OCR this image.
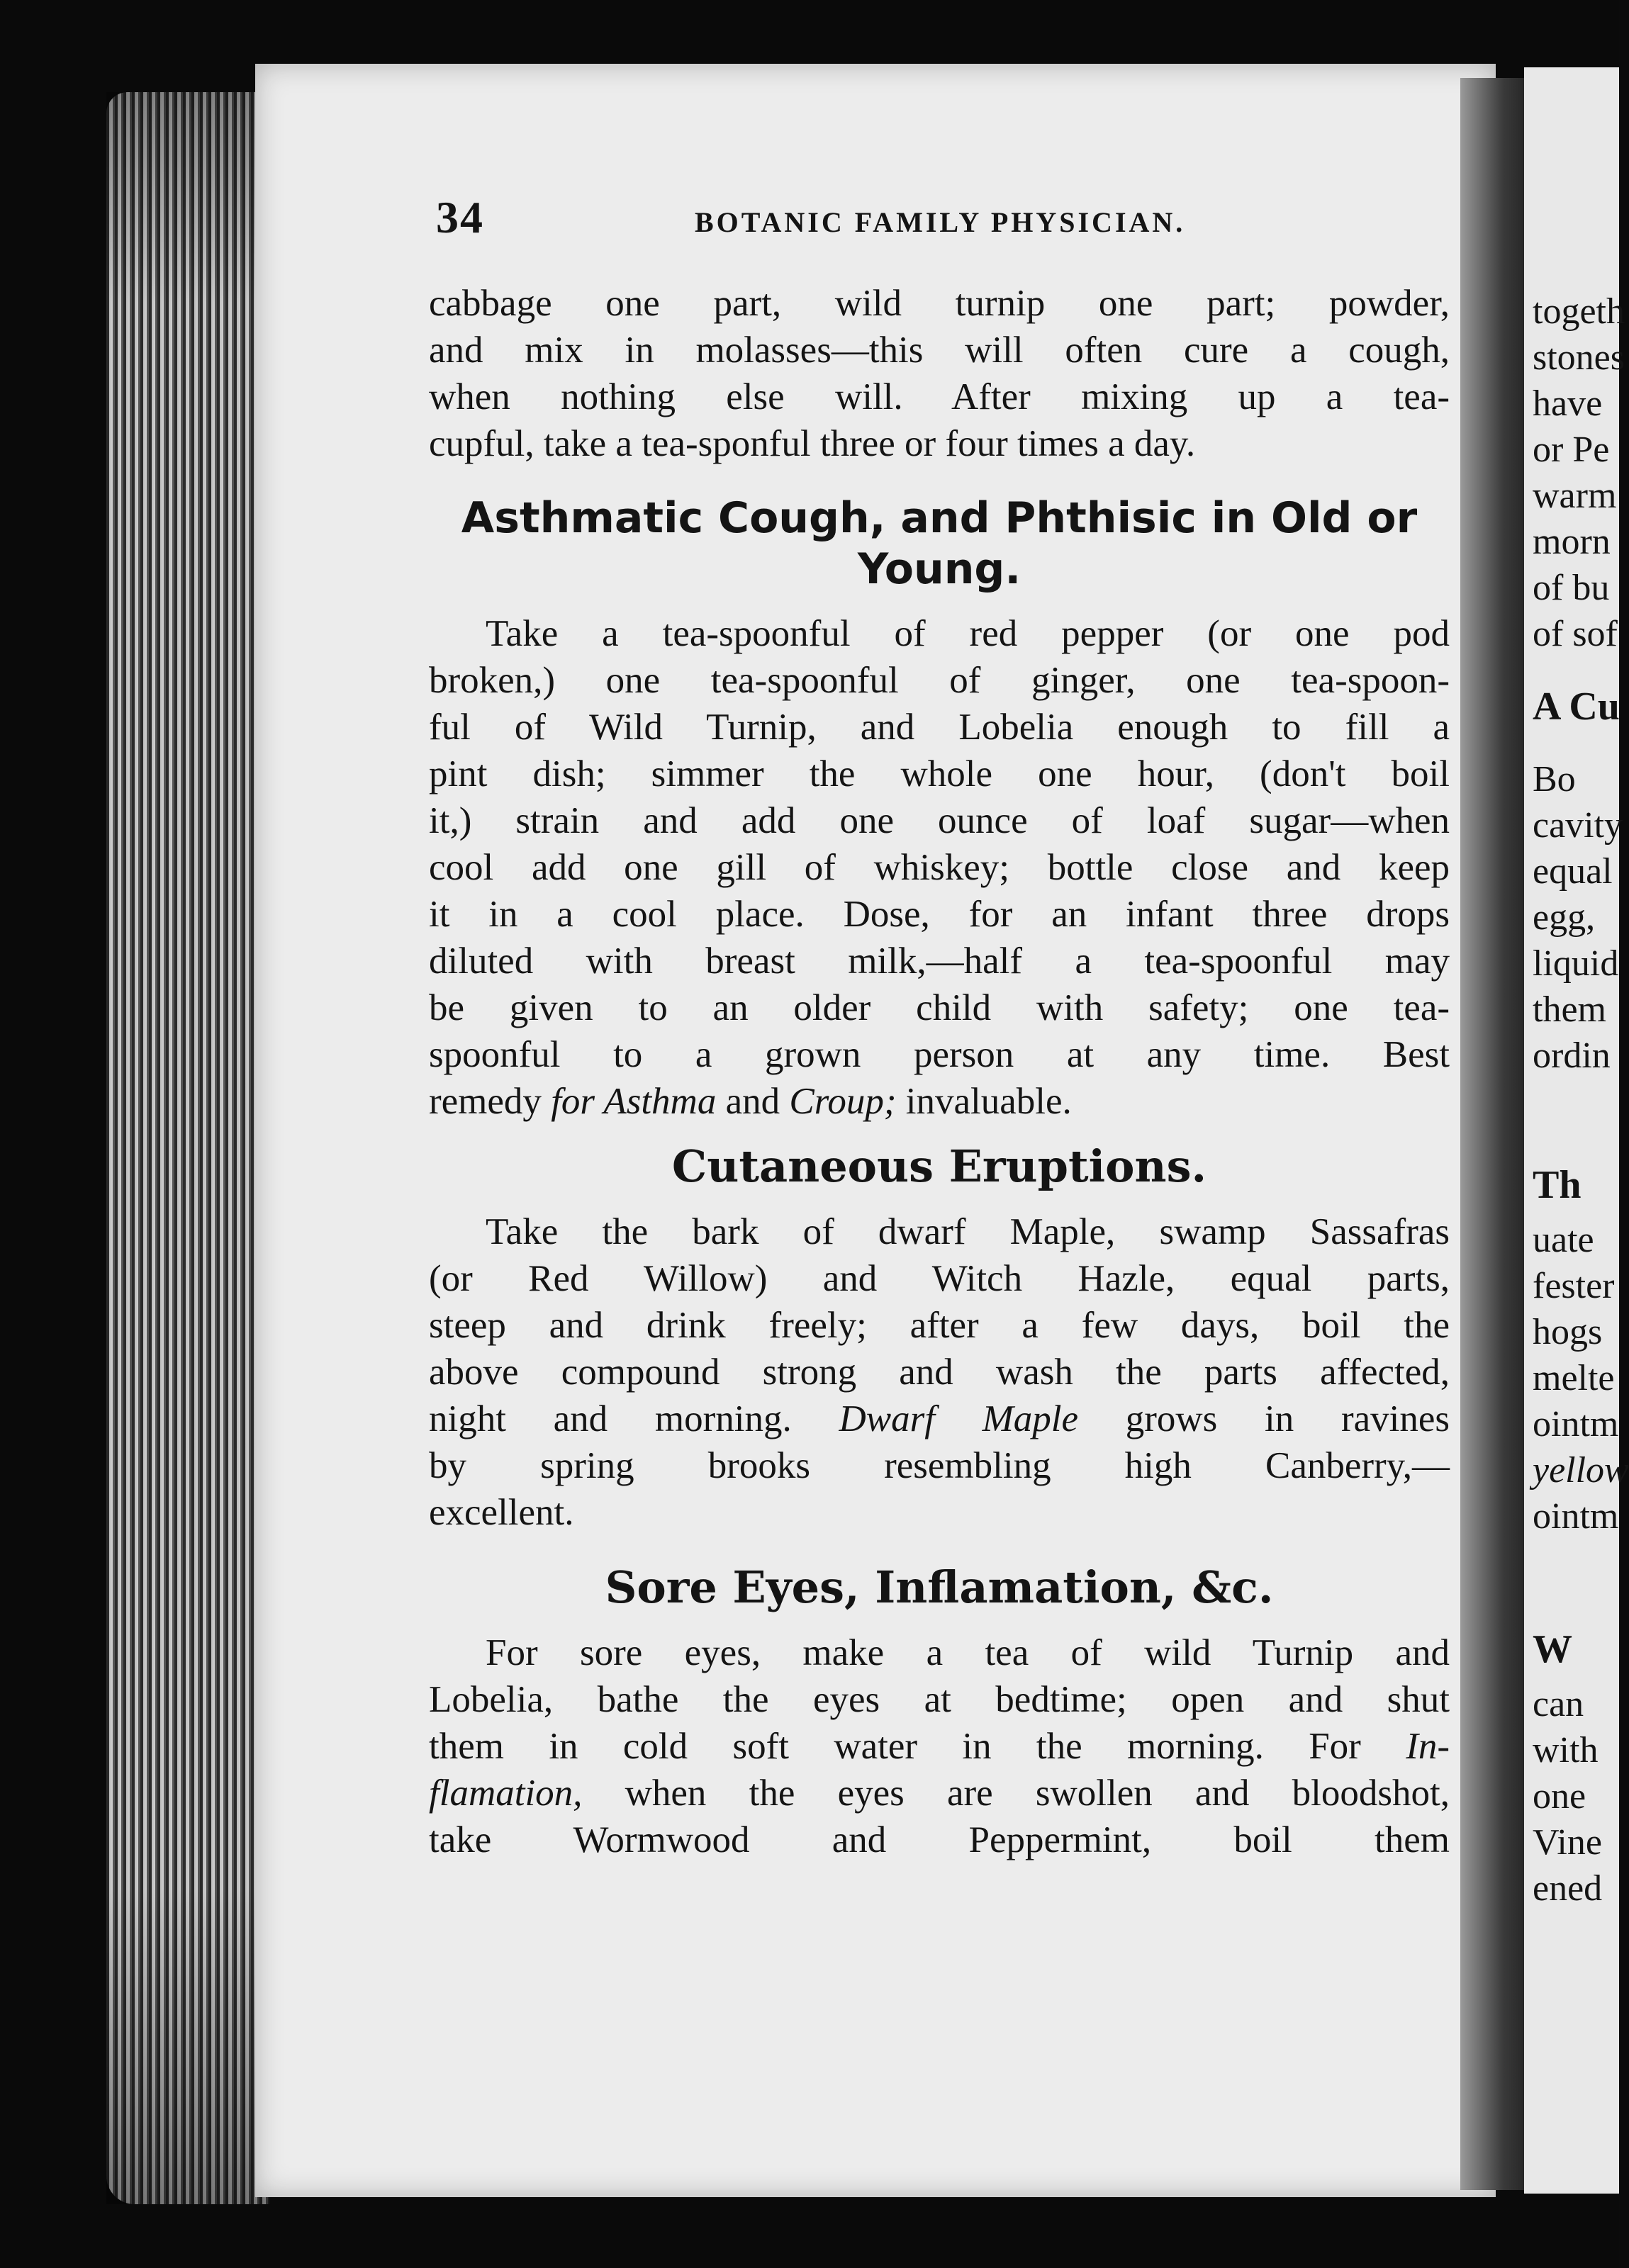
togeth
stones
have
or Pe
warm
morn
of bu
of sof
A Cu
Bo
cavity
equal
egg,
liquid
them
ordin
Th
uate
fester
hogs
melte
ointm
yellow
ointm
W
can
with
one
Vine
ened
34	BOTANIC FAMILY PHYSICIAN.
cabbage one part, wild turnip one part; powder,
and mix in molasses—this will often cure a cough,
when nothing else will. After mixing up a tea-
cupful, take a tea-sponful three or four times a day.
Asthmatic Cough, and Phthisic in Old or
Young.
Take a tea-spoonful of red pepper (or one pod
broken,) one tea-spoonful of ginger, one tea-spoon-
ful of Wild Turnip, and Lobelia enough to fill a
pint dish; simmer the whole one hour, (don't boil
it,) strain and add one ounce of loaf sugar—when
cool add one gill of whiskey; bottle close and keep
it in a cool place. Dose, for an infant three drops
diluted with breast milk,—half a tea-spoonful may
be given to an older child with safety; one tea-
spoonful to a grown person at any time. Best
remedy for Asthma and Croup; invaluable.
Cutaneous Eruptions.
Take the bark of dwarf Maple, swamp Sassafras
(or Red Willow) and Witch Hazle, equal parts,
steep and drink freely; after a few days, boil the
above compound strong and wash the parts affected,
night and morning. Dwarf Maple grows in ravines
by spring brooks resembling high Canberry,—
excellent.
Sore Eyes, Inflamation, &c.
For sore eyes, make a tea of wild Turnip and
Lobelia, bathe the eyes at bedtime; open and shut
them in cold soft water in the morning. For In-
flamation, when the eyes are swollen and bloodshot,
take Wormwood and Peppermint, boil them
